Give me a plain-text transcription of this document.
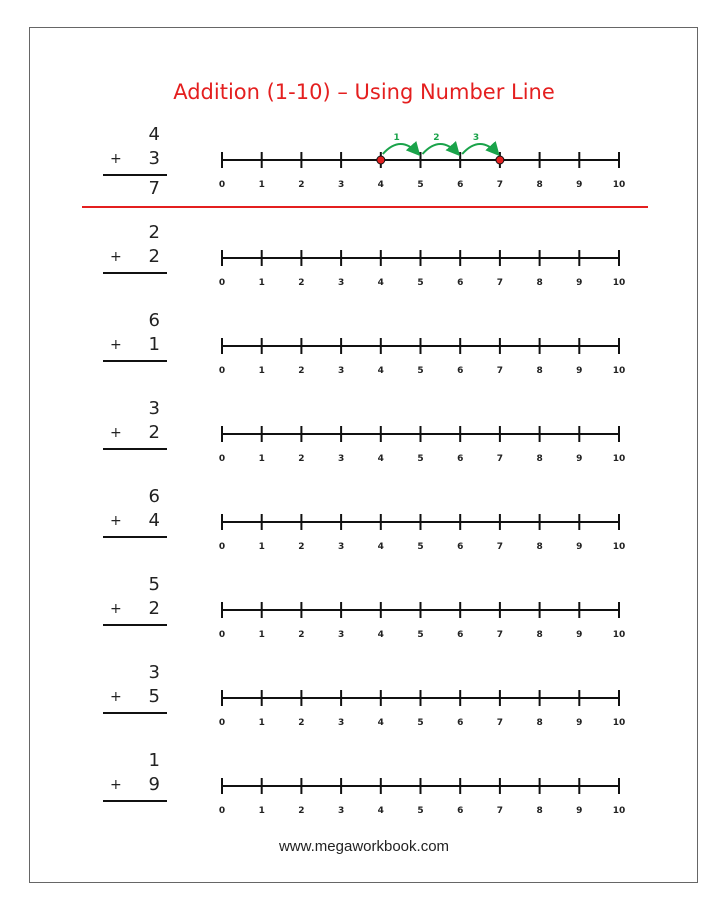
Addition (1-10) – Using Number Line
4
+	3
7	0	1	2	3	4	5	6	7	8	9	10
1	2	3
2
+	2
0	1	2	3	4	5	6	7	8	9	10
6
+	1
0	1	2	3	4	5	6	7	8	9	10
3
+	2
0	1	2	3	4	5	6	7	8	9	10
6
+	4
0	1	2	3	4	5	6	7	8	9	10
5
+	2
0	1	2	3	4	5	6	7	8	9	10
3
+	5
0	1	2	3	4	5	6	7	8	9	10
1
+	9
0	1	2	3	4	5	6	7	8	9	10
www.megaworkbook.com
